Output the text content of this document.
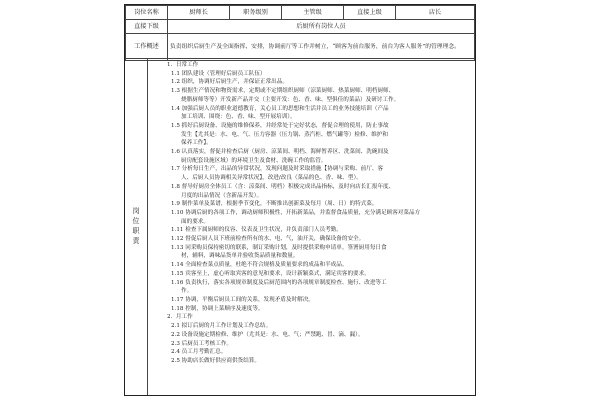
岗位名称	厨师长	职务级别	主管级	直接上级	店长
直接下级	后厨所有岗位人员				
工作概述	负责组织后厨生产及全面指挥、安排，协调前厅等工作并树立，“顾客为前台服务，前台为客人服务”的管理理念。				
岗位职责
1.  日常工作
1.1 团队建设（管理好后厨员工队伍）
1.2 组织，协调好后厨生产，并保证正常出品。
1.3 根据生产情况和物资需求，定期或不定期组织厨师（涼菜厨师、热菜厨师、明档厨师、
烧腊厨师等等）开发新产品并交（主要开发：色、香、味、型俱佳的菜品）及研讨工作。
1.4 加强后厨人员的职业道德教育，关心员工的思想和生活并员工的业务技能培训（产品
加工培训、围绕：色、香、味、型开展培训）。
1.5 抓好后厨设备、设施的维修保养，并经常处于完好状态，督促合理的使用，防止事故
发生【尤其是：水、电、气、压力容器（压力锅、蒸汽柜、燃气罐等）检修、维护和
保养工作】。
1.6 认真落实，督促并检查后厨（厨房、涼菜间、明档、海鲜暂养区、洗菜间、洗碗间及
厨房配套设施区域）的环境卫生及食材、洗碗工作的监管。
1.7 分析每日生产，出品的异常状况，发现问题及时采取措施【协调与采购、前厅、客
人、后厨人员协调相关异常状况】，改进/改良（菜品的色、香、味、型）。
1.8 督导好厨房全体员工（含：涼菜间、明档）积极完成出品指标，及时向店长汇报年度、
月度的出品情况（含新品开发）。
1.9 制作菜单及菜谱，根据季节变化，不断推出创新菜及每月（周、日）的特式菜。
1.10 协调后厨的各项工作，调动厨师积极性，开拓新菜品，并监督食品质量，充分满足顾客对菜品方
面的要求。
1.11 检查下属厨师的仪容、仪表及卫生状况，并负责部门人员考勤。
1.12 督促后厨人员下班前检查所有的水、电、气，油开关，确保设备的安全。
1.13 同采购员保持密切的联系，制订采购计划，及时提供采购申请单。签署厨用每日食
材，辅料，调味品货单并验收货品质量和数量。
1.14 全面检查菜点质量，杜绝不符合规格及质量要求的成品和半成品。
1.15 宾客至上，虚心听取宾客的意见和要求，设计新颖菜式，满足宾客的要求。
1.16 负责执行，落实各项规章制度及后厨范围内的各项规章制度检查、施行、改进等工
作。
1.17 协调，平衡后厨员工间的关系，发现矛盾及时解决。
1.18 控制，协调上菜顺序及速度等。
2.  月工作
2.1 拟订后厨的月工作计划及工作总结。
2.2 设备设施定期检修、维护（尤其是：水、电、气；严禁跑、冒、滴、漏）。
2.3 后厨员工考核工作。
2.4 员工月考勤汇总。
2.5 协助店长做好供应商供货结算。
